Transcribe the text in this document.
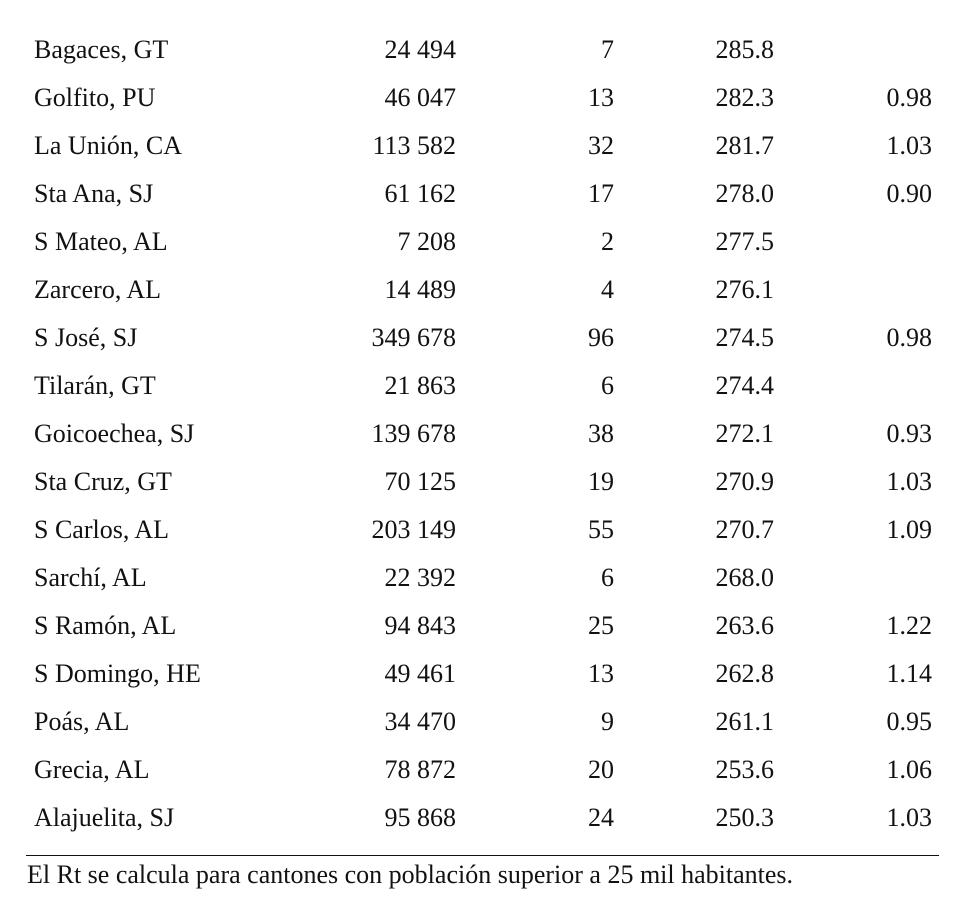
Bagaces, GT	24 494	7	285.8
Golfito, PU	46 047	13	282.3	0.98
La Unión, CA	113 582	32	281.7	1.03
Sta Ana, SJ	61 162	17	278.0	0.90
S Mateo, AL	7 208	2	277.5
Zarcero, AL	14 489	4	276.1
S José, SJ	349 678	96	274.5	0.98
Tilarán, GT	21 863	6	274.4
Goicoechea, SJ	139 678	38	272.1	0.93
Sta Cruz, GT	70 125	19	270.9	1.03
S Carlos, AL	203 149	55	270.7	1.09
Sarchí, AL	22 392	6	268.0
S Ramón, AL	94 843	25	263.6	1.22
S Domingo, HE	49 461	13	262.8	1.14
Poás, AL	34 470	9	261.1	0.95
Grecia, AL	78 872	20	253.6	1.06
Alajuelita, SJ	95 868	24	250.3	1.03
El Rt se calcula para cantones con población superior a 25 mil habitantes.
